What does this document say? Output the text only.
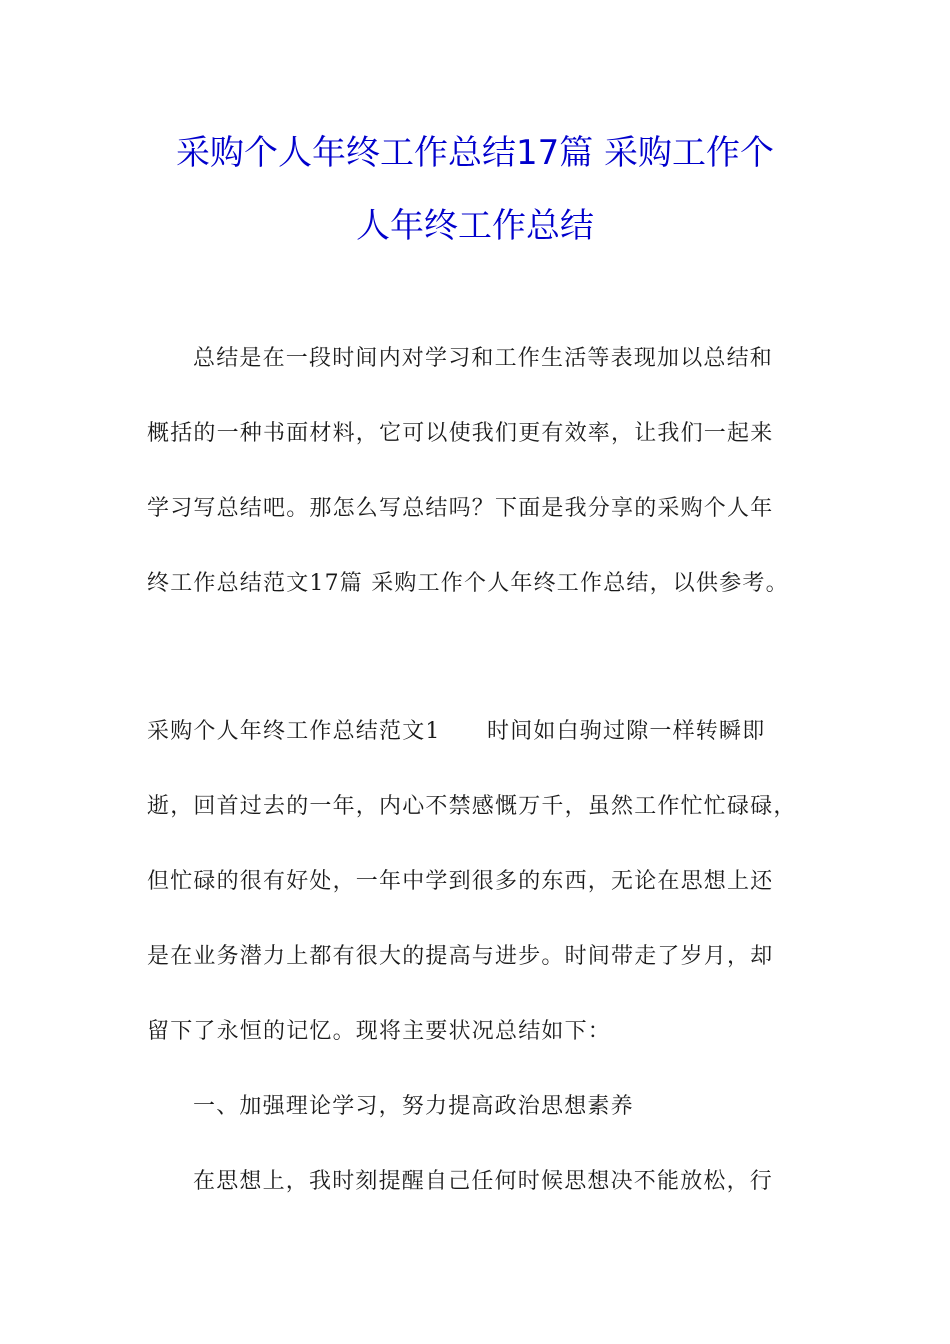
采购个人年终工作总结17篇 采购工作个
人年终工作总结
总结是在一段时间内对学习和工作生活等表现加以总结和
概括的一种书面材料，它可以使我们更有效率，让我们一起来
学习写总结吧。那怎么写总结吗？下面是我分享的采购个人年
终工作总结范文17篇 采购工作个人年终工作总结，以供参考。
采购个人年终工作总结范文1　　时间如白驹过隙一样转瞬即
逝，回首过去的一年，内心不禁感慨万千，虽然工作忙忙碌碌，
但忙碌的很有好处，一年中学到很多的东西，无论在思想上还
是在业务潜力上都有很大的提高与进步。时间带走了岁月，却
留下了永恒的记忆。现将主要状况总结如下：
一、加强理论学习，努力提高政治思想素养
在思想上，我时刻提醒自己任何时候思想决不能放松，行
